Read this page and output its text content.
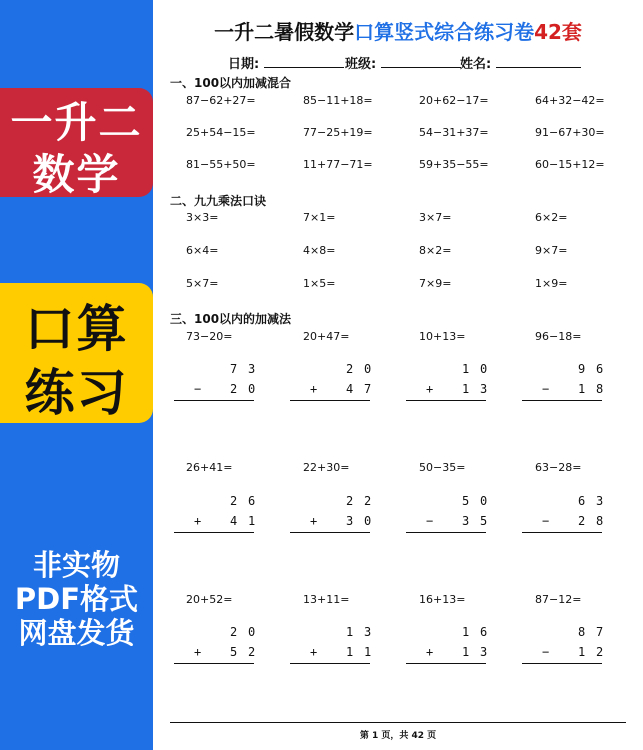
一升二
数学
口算
练习
非实物
PDF格式
网盘发货
一升二暑假数学口算竖式综合练习卷42套
日期:	班级:	姓名:
一、100以内加减混合
87−62+27=	85−11+18=	20+62−17=	64+32−42=
25+54−15=	77−25+19=	54−31+37=	91−67+30=
81−55+50=	11+77−71=	59+35−55=	60−15+12=
二、九九乘法口诀
3×3=	7×1=	3×7=	6×2=
6×4=	4×8=	8×2=	9×7=
5×7=	1×5=	7×9=	1×9=
三、100以内的加减法
73−20=	20+47=	10+13=	96−18=
7 3
− 2 0
2 0
+ 4 7
1 0
+ 1 3
9 6
− 1 8
26+41=	22+30=	50−35=	63−28=
2 6
+ 4 1
2 2
+ 3 0
5 0
− 3 5
6 3
− 2 8
20+52=	13+11=	16+13=	87−12=
2 0
+ 5 2
1 3
+ 1 1
1 6
+ 1 3
8 7
− 1 2
第 1 页，共 42 页
